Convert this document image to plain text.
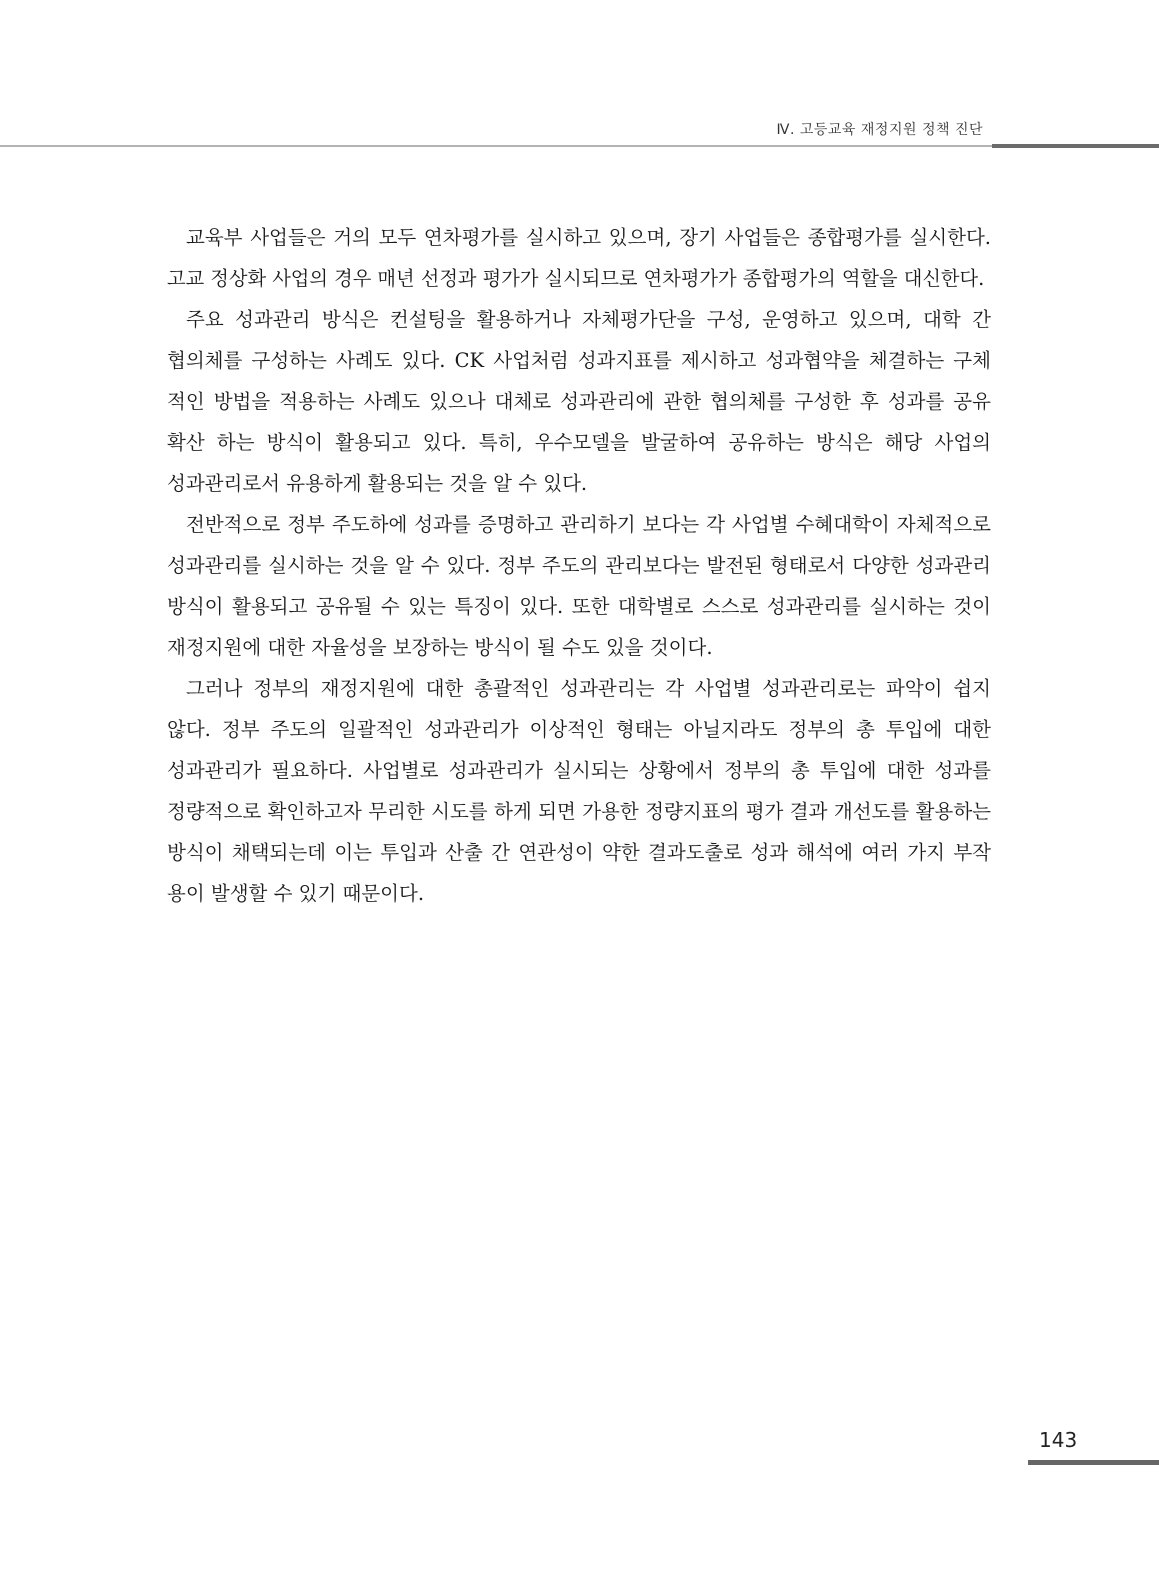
Ⅳ. 고등교육 재정지원 정책 진단
교육부 사업들은 거의 모두 연차평가를 실시하고 있으며, 장기 사업들은 종합평가를 실시한다.
고교 정상화 사업의 경우 매년 선정과 평가가 실시되므로 연차평가가 종합평가의 역할을 대신한다.
주요 성과관리 방식은 컨설팅을 활용하거나 자체평가단을 구성, 운영하고 있으며, 대학 간
협의체를 구성하는 사례도 있다. CK 사업처럼 성과지표를 제시하고 성과협약을 체결하는 구체
적인 방법을 적용하는 사례도 있으나 대체로 성과관리에 관한 협의체를 구성한 후 성과를 공유
확산 하는 방식이 활용되고 있다. 특히, 우수모델을 발굴하여 공유하는 방식은 해당 사업의
성과관리로서 유용하게 활용되는 것을 알 수 있다.
전반적으로 정부 주도하에 성과를 증명하고 관리하기 보다는 각 사업별 수혜대학이 자체적으로
성과관리를 실시하는 것을 알 수 있다. 정부 주도의 관리보다는 발전된 형태로서 다양한 성과관리
방식이 활용되고 공유될 수 있는 특징이 있다. 또한 대학별로 스스로 성과관리를 실시하는 것이
재정지원에 대한 자율성을 보장하는 방식이 될 수도 있을 것이다.
그러나 정부의 재정지원에 대한 총괄적인 성과관리는 각 사업별 성과관리로는 파악이 쉽지
않다. 정부 주도의 일괄적인 성과관리가 이상적인 형태는 아닐지라도 정부의 총 투입에 대한
성과관리가 필요하다. 사업별로 성과관리가 실시되는 상황에서 정부의 총 투입에 대한 성과를
정량적으로 확인하고자 무리한 시도를 하게 되면 가용한 정량지표의 평가 결과 개선도를 활용하는
방식이 채택되는데 이는 투입과 산출 간 연관성이 약한 결과도출로 성과 해석에 여러 가지 부작
용이 발생할 수 있기 때문이다.
143
